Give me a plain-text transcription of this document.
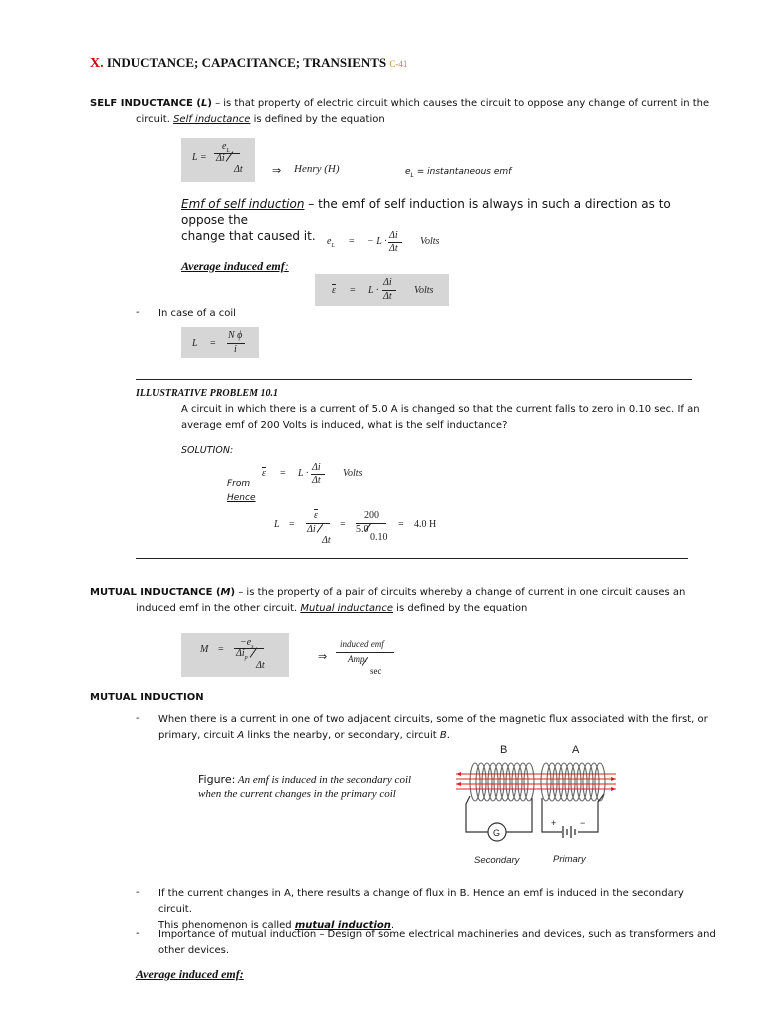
X. INDUCTANCE; CAPACITANCE; TRANSIENTS C-41
SELF INDUCTANCE (L) – is that property of electric circuit which causes the circuit to oppose any change of current in the
circuit. Self inductance is defined by the equation
L =
$e_L$
Δi
Δt	⇒ Henry (H)	$e_L$ = instantaneous emf
Emf of self induction – the emf of self induction is always in such a direction as to oppose the
change that caused it.	$e_L$ = − L ·
Δi
Δt
Volts
Average induced emf:
$\overline{\varepsilon} = L$ ·
Δi
Δt
Volts
- In case of a coil
L =
N ϕ
i
ILLUSTRATIVE PROBLEM 10.1
A circuit in which there is a current of 5.0 A is changed so that the current falls to zero in 0.10 sec. If an
average emf of 200 Volts is induced, what is the self inductance?
SOLUTION:
$\overline{\varepsilon} = L$ ·
Δi
Δt
Volts
From
Hence
L =
$\overline{\varepsilon}$
Δi
Δt
=
200
5.0
0.10
= 4.0 H
MUTUAL INDUCTANCE (M) – is the property of a pair of circuits whereby a change of current in one circuit causes an
induced emf in the other circuit. Mutual inductance is defined by the equation
M =
$-e_s$
$\Delta i_p$
Δt
⇒
induced emf
Amp.
sec
MUTUAL INDUCTION
- When there is a current in one of two adjacent circuits, some of the magnetic flux associated with the first, or
primary, circuit A links the nearby, or secondary, circuit B.
Figure: An emf is induced in the secondary coil
when the current changes in the primary coil
B	A
G
+	−
Secondary	Primary
- If the current changes in A, there results a change of flux in B. Hence an emf is induced in the secondary circuit.
This phenomenon is called mutual induction.
- Importance of mutual induction – Design of some electrical machineries and devices, such as transformers and
other devices.
Average induced emf:
